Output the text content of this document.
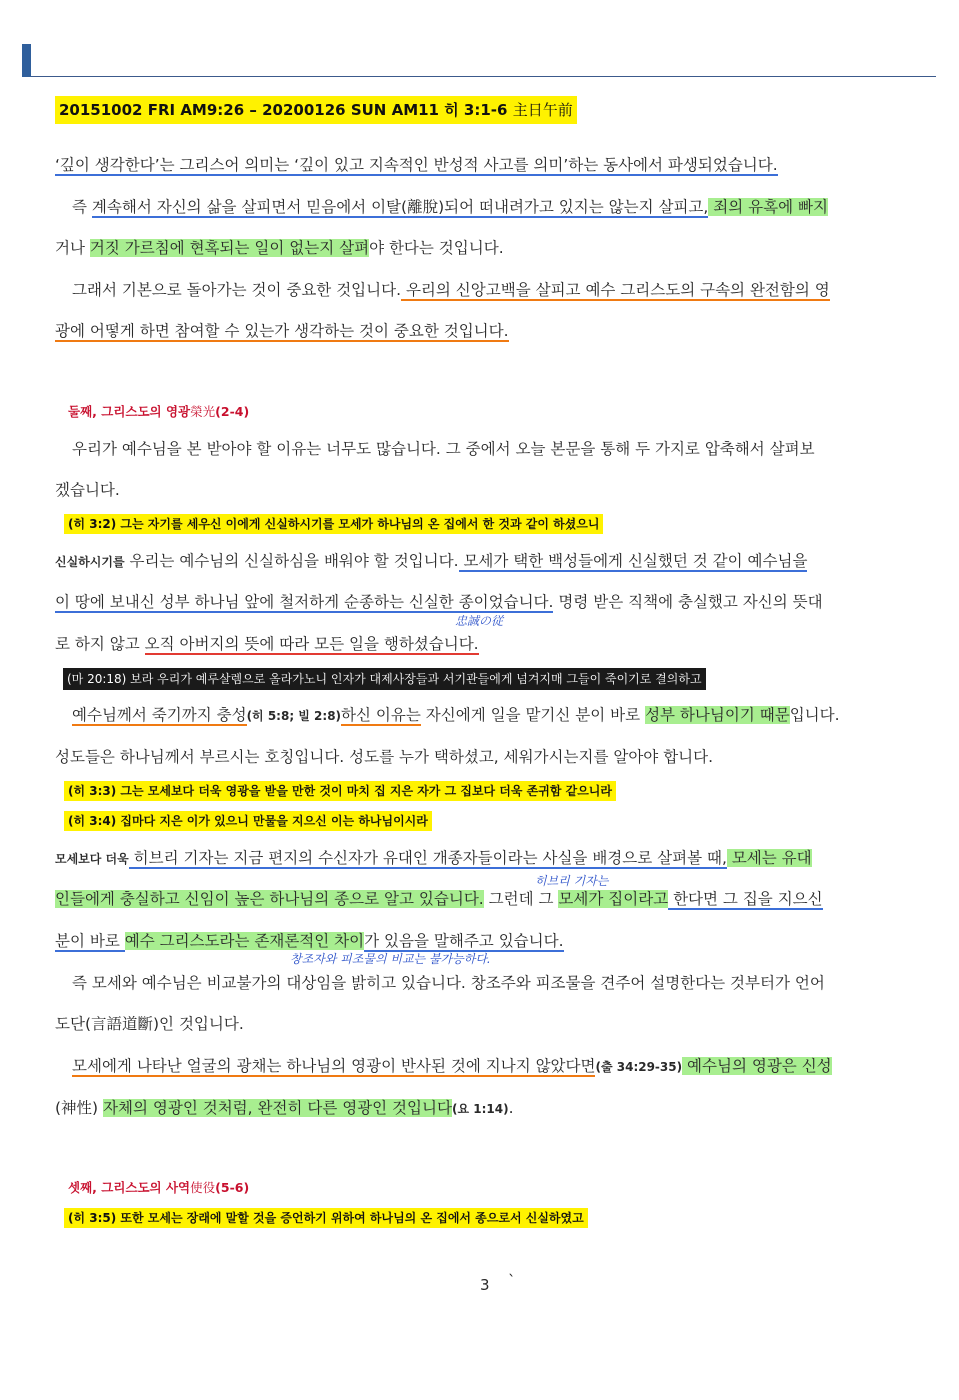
20151002 FRI AM9:26 – 20200126 SUN AM11 히 3:1-6 主日午前
‘깊이 생각한다’는 그리스어 의미는 ‘깊이 있고 지속적인 반성적 사고를 의미’하는 동사에서 파생되었습니다.
즉 계속해서 자신의 삶을 살피면서 믿음에서 이탈(離脫)되어 떠내려가고 있지는 않는지 살피고, 죄의 유혹에 빠지
거나 거짓 가르침에 현혹되는 일이 없는지 살펴야 한다는 것입니다.
그래서 기본으로 돌아가는 것이 중요한 것입니다. 우리의 신앙고백을 살피고 예수 그리스도의 구속의 완전함의 영
광에 어떻게 하면 참여할 수 있는가 생각하는 것이 중요한 것입니다.
둘째, 그리스도의 영광榮光(2-4)
우리가 예수님을 본 받아야 할 이유는 너무도 많습니다. 그 중에서 오늘 본문을 통해 두 가지로 압축해서 살펴보
겠습니다.
(히 3:2) 그는 자기를 세우신 이에게 신실하시기를 모세가 하나님의 온 집에서 한 것과 같이 하셨으니
신실하시기를 우리는 예수님의 신실하심을 배워야 할 것입니다. 모세가 택한 백성들에게 신실했던 것 같이 예수님을
이 땅에 보내신 성부 하나님 앞에 철저하게 순종하는 신실한 종이었습니다. 명령 받은 직책에 충실했고 자신의 뜻대
忠誠の従
로 하지 않고 오직 아버지의 뜻에 따라 모든 일을 행하셨습니다.
(마 20:18) 보라 우리가 예루살렘으로 올라가노니 인자가 대제사장들과 서기관들에게 넘겨지매 그들이 죽이기로 결의하고
예수님께서 죽기까지 충성(히 5:8; 빌 2:8)하신 이유는 자신에게 일을 맡기신 분이 바로 성부 하나님이기 때문입니다.
성도들은 하나님께서 부르시는 호칭입니다. 성도를 누가 택하셨고, 세워가시는지를 알아야 합니다.
(히 3:3) 그는 모세보다 더욱 영광을 받을 만한 것이 마치 집 지은 자가 그 집보다 더욱 존귀함 같으니라
(히 3:4) 집마다 지은 이가 있으니 만물을 지으신 이는 하나님이시라
모세보다 더욱 히브리 기자는 지금 편지의 수신자가 유대인 개종자들이라는 사실을 배경으로 살펴볼 때, 모세는 유대
히브리 기자는
인들에게 충실하고 신임이 높은 하나님의 종으로 알고 있습니다. 그런데 그 모세가 집이라고 한다면 그 집을 지으신
분이 바로 예수 그리스도라는 존재론적인 차이가 있음을 말해주고 있습니다.
창조자와 피조물의 비교는 불가능하다.
즉 모세와 예수님은 비교불가의 대상임을 밝히고 있습니다. 창조주와 피조물을 견주어 설명한다는 것부터가 언어
도단(言語道斷)인 것입니다.
모세에게 나타난 얼굴의 광채는 하나님의 영광이 반사된 것에 지나지 않았다면(출 34:29-35) 예수님의 영광은 신성
(神性) 자체의 영광인 것처럼, 완전히 다른 영광인 것입니다(요 1:14).
셋째, 그리스도의 사역使役(5-6)
(히 3:5) 또한 모세는 장래에 말할 것을 증언하기 위하여 하나님의 온 집에서 종으로서 신실하였고
3 `
